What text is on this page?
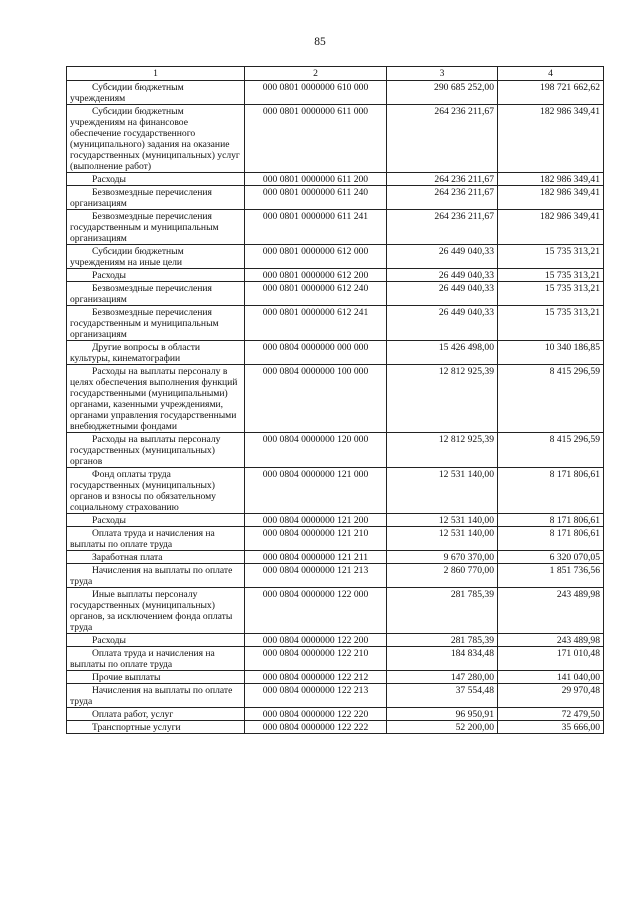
85
1	2	3	4
Субсидии бюджетным учреждениям	000 0801 0000000 610 000	290 685 252,00	198 721 662,62
Субсидии бюджетным учреждениям на финансовое обеспечение государственного (муниципального) задания на оказание государственных (муниципальных) услуг (выполнение работ)	000 0801 0000000 611 000	264 236 211,67	182 986 349,41
Расходы	000 0801 0000000 611 200	264 236 211,67	182 986 349,41
Безвозмездные перечисления организациям	000 0801 0000000 611 240	264 236 211,67	182 986 349,41
Безвозмездные перечисления государственным и муниципальным организациям	000 0801 0000000 611 241	264 236 211,67	182 986 349,41
Субсидии бюджетным учреждениям на иные цели	000 0801 0000000 612 000	26 449 040,33	15 735 313,21
Расходы	000 0801 0000000 612 200	26 449 040,33	15 735 313,21
Безвозмездные перечисления организациям	000 0801 0000000 612 240	26 449 040,33	15 735 313,21
Безвозмездные перечисления государственным и муниципальным организациям	000 0801 0000000 612 241	26 449 040,33	15 735 313,21
Другие вопросы в области культуры, кинематографии	000 0804 0000000 000 000	15 426 498,00	10 340 186,85
Расходы на выплаты персоналу в целях обеспечения выполнения функций государственными (муниципальными) органами, казенными учреждениями, органами управления государственными внебюджетными фондами	000 0804 0000000 100 000	12 812 925,39	8 415 296,59
Расходы на выплаты персоналу государственных (муниципальных) органов	000 0804 0000000 120 000	12 812 925,39	8 415 296,59
Фонд оплаты труда государственных (муниципальных) органов и взносы по обязательному социальному страхованию	000 0804 0000000 121 000	12 531 140,00	8 171 806,61
Расходы	000 0804 0000000 121 200	12 531 140,00	8 171 806,61
Оплата труда и начисления на выплаты по оплате труда	000 0804 0000000 121 210	12 531 140,00	8 171 806,61
Заработная плата	000 0804 0000000 121 211	9 670 370,00	6 320 070,05
Начисления на выплаты по оплате труда	000 0804 0000000 121 213	2 860 770,00	1 851 736,56
Иные выплаты персоналу государственных (муниципальных) органов, за исключением фонда оплаты труда	000 0804 0000000 122 000	281 785,39	243 489,98
Расходы	000 0804 0000000 122 200	281 785,39	243 489,98
Оплата труда и начисления на выплаты по оплате труда	000 0804 0000000 122 210	184 834,48	171 010,48
Прочие выплаты	000 0804 0000000 122 212	147 280,00	141 040,00
Начисления на выплаты по оплате труда	000 0804 0000000 122 213	37 554,48	29 970,48
Оплата работ, услуг	000 0804 0000000 122 220	96 950,91	72 479,50
Транспортные услуги	000 0804 0000000 122 222	52 200,00	35 666,00
